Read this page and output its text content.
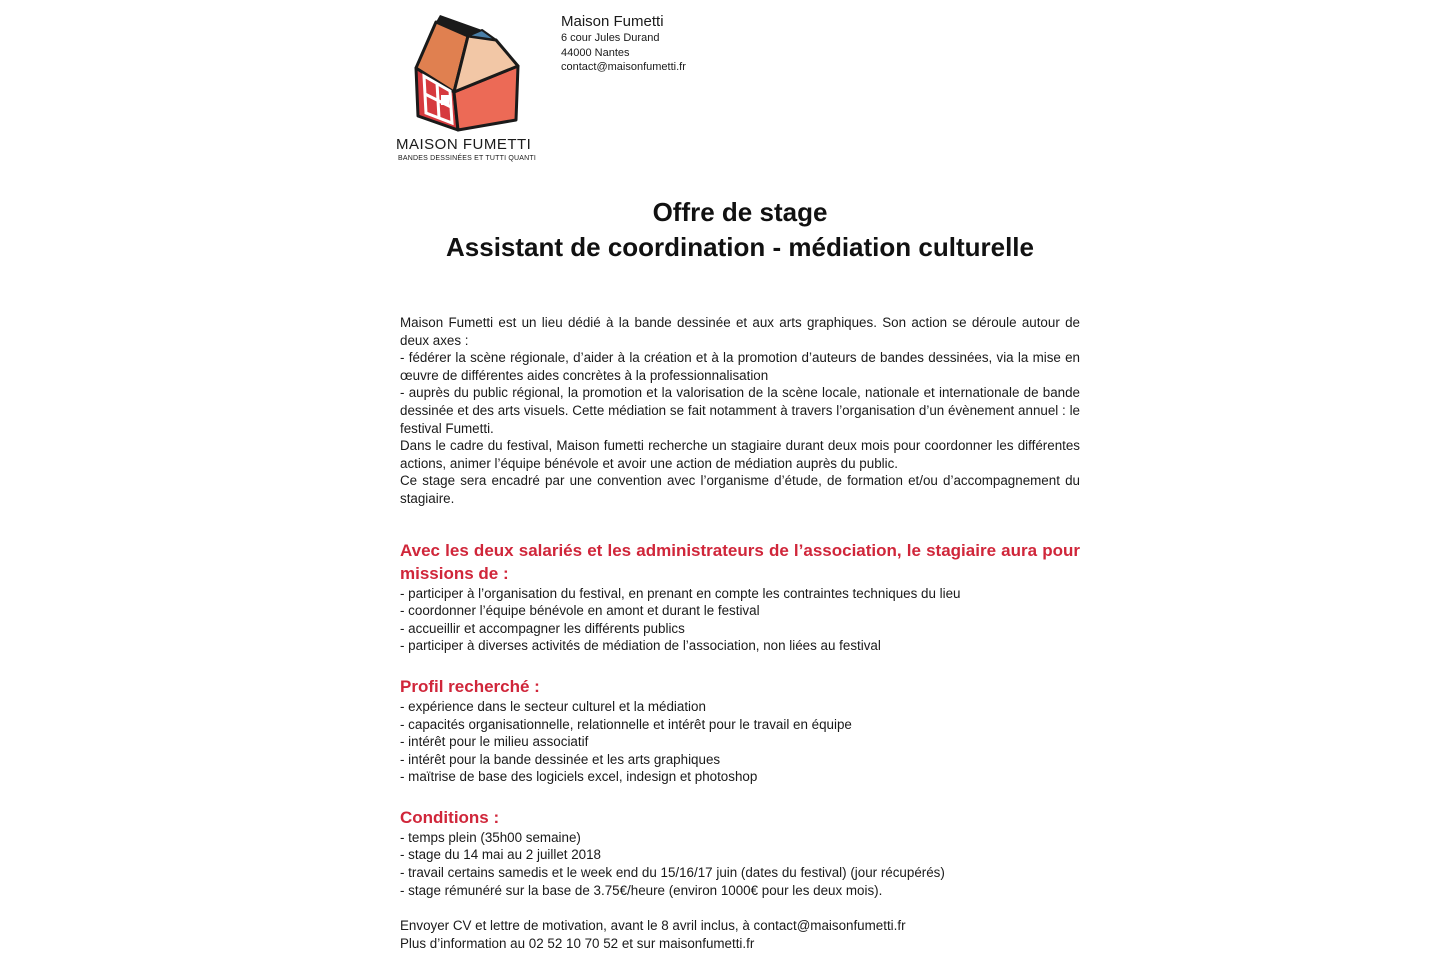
MAISON FUMETTI
BANDES DESSINÉES ET TUTTI QUANTI
Maison Fumetti
6 cour Jules Durand
44000 Nantes
contact@maisonfumetti.fr
Offre de stage
Assistant de coordination - médiation culturelle

Maison Fumetti est un lieu dédié à la bande dessinée et aux arts graphiques. Son action se déroule autour de deux axes :

- fédérer la scène régionale, d’aider à la création et à la promotion d’auteurs de bandes dessinées, via la mise en œuvre de différentes aides concrètes à la professionnalisation

- auprès du public régional, la promotion et la valorisation de la scène locale, nationale et internationale de bande dessinée et des arts visuels. Cette médiation se fait notamment à travers l’organisation d’un évènement annuel : le festival Fumetti.

Dans le cadre du festival, Maison fumetti recherche un stagiaire durant deux mois pour coordonner les différentes actions, animer l’équipe bénévole et avoir une action de médiation auprès du public.

Ce stage sera encadré par une convention avec l’organisme d’étude, de formation et/ou d’accompagnement du stagiaire.

Avec les deux salariés et les administrateurs de l’association, le stagiaire aura pour missions de :
- participer à l’organisation du festival, en prenant en compte les contraintes techniques du lieu
- coordonner l’équipe bénévole en amont et durant le festival
- accueillir et accompagner les différents publics
- participer à diverses activités de médiation de l’association, non liées au festival
Profil recherché :
- expérience dans le secteur culturel et la médiation
- capacités organisationnelle, relationnelle et intérêt pour le travail en équipe
- intérêt pour le milieu associatif
- intérêt pour la bande dessinée et les arts graphiques
- maïtrise de base des logiciels excel, indesign et photoshop
Conditions :
- temps plein (35h00 semaine)
- stage du 14 mai au 2 juillet 2018
- travail certains samedis et le week end du 15/16/17 juin (dates du festival) (jour récupérés)
- stage rémunéré sur la base de 3.75€/heure (environ 1000€ pour les deux mois).

Envoyer CV et lettre de motivation, avant le 8 avril inclus, à contact@maisonfumetti.fr

Plus d’information au 02 52 10 70 52 et sur maisonfumetti.fr
